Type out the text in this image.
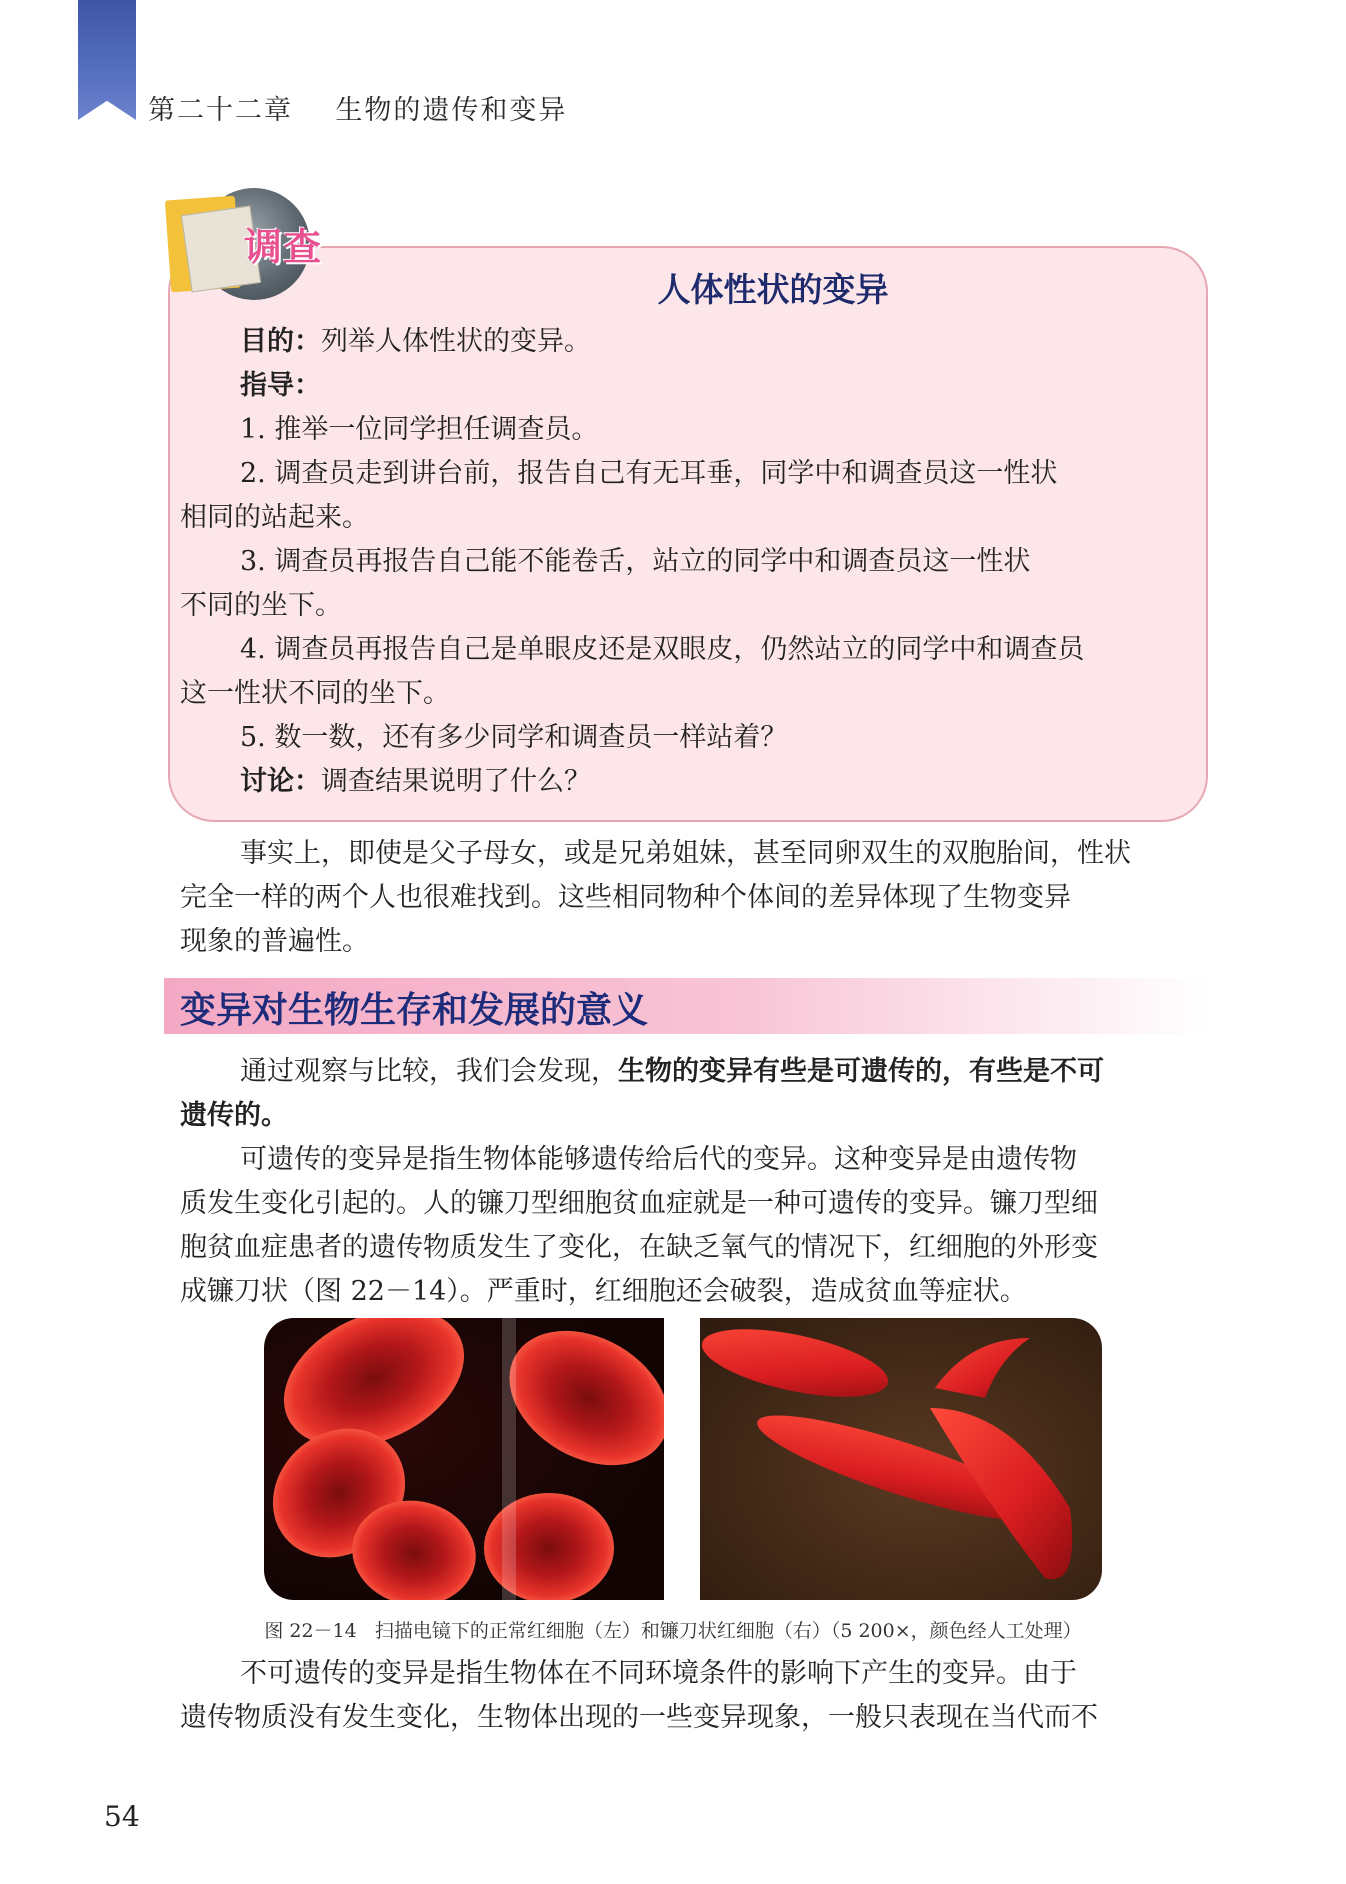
第二十二章 生物的遗传和变异
调查
人体性状的变异
目的：列举人体性状的变异。
指导：
1. 推举一位同学担任调查员。
2. 调查员走到讲台前，报告自己有无耳垂，同学中和调查员这一性状
相同的站起来。
3. 调查员再报告自己能不能卷舌，站立的同学中和调查员这一性状
不同的坐下。
4. 调查员再报告自己是单眼皮还是双眼皮，仍然站立的同学中和调查员
这一性状不同的坐下。
5. 数一数，还有多少同学和调查员一样站着？
讨论：调查结果说明了什么？
事实上，即使是父子母女，或是兄弟姐妹，甚至同卵双生的双胞胎间，性状
完全一样的两个人也很难找到。这些相同物种个体间的差异体现了生物变异
现象的普遍性。
变异对生物生存和发展的意义
通过观察与比较，我们会发现，生物的变异有些是可遗传的，有些是不可
遗传的。
可遗传的变异是指生物体能够遗传给后代的变异。这种变异是由遗传物
质发生变化引起的。人的镰刀型细胞贫血症就是一种可遗传的变异。镰刀型细
胞贫血症患者的遗传物质发生了变化，在缺乏氧气的情况下，红细胞的外形变
成镰刀状（图 22－14）。严重时，红细胞还会破裂，造成贫血等症状。
图 22－14   扫描电镜下的正常红细胞（左）和镰刀状红细胞（右）（5 200×，颜色经人工处理）
不可遗传的变异是指生物体在不同环境条件的影响下产生的变异。由于
遗传物质没有发生变化，生物体出现的一些变异现象，一般只表现在当代而不
54
